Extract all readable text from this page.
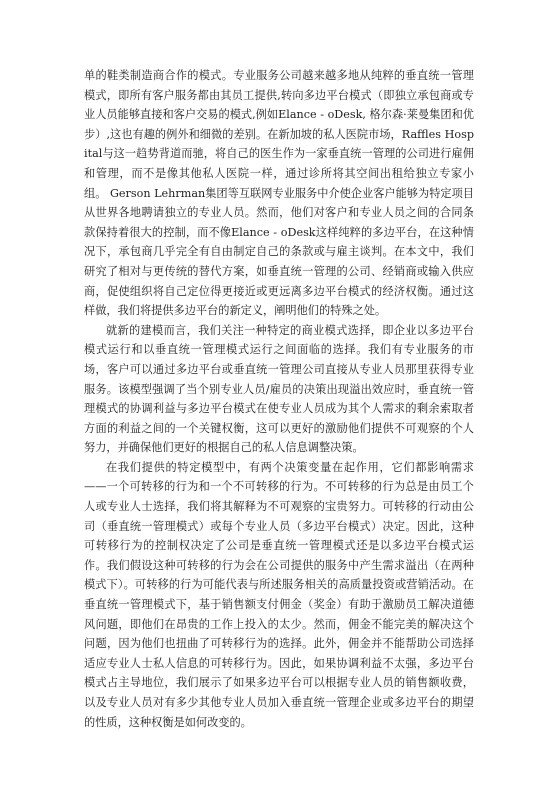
单的鞋类制造商合作的模式。专业服务公司越来越多地从纯粹的垂直统一管理模式，即所有客户服务都由其员工提供,转向多边平台模式（即独立承包商或专业人员能够直接和客户交易的模式,例如Elance - oDesk, 格尔森·莱曼集团和优步）,这也有趣的例外和细微的差别。在新加坡的私人医院市场，Raffles Hospital与这一趋势背道而驰，将自己的医生作为一家垂直统一管理的公司进行雇佣和管理，而不是像其他私人医院一样，通过诊所将其空间出租给独立专家小组。 Gerson Lehrman集团等互联网专业服务中介使企业客户能够为特定项目从世界各地聘请独立的专业人员。然而，他们对客户和专业人员之间的合同条款保持着很大的控制，而不像Elance - oDesk这样纯粹的多边平台，在这种情况下，承包商几乎完全有自由制定自己的条款或与雇主谈判。在本文中，我们研究了相对与更传统的替代方案，如垂直统一管理的公司、经销商或输入供应商，促使组织将自己定位得更接近或更远离多边平台模式的经济权衡。通过这样做，我们将提供多边平台的新定义，阐明他们的特殊之处。

就新的建模而言，我们关注一种特定的商业模式选择，即企业以多边平台模式运行和以垂直统一管理模式运行之间面临的选择。我们有专业服务的市场，客户可以通过多边平台或垂直统一管理公司直接从专业人员那里获得专业服务。该模型强调了当个别专业人员/雇员的决策出现溢出效应时，垂直统一管理模式的协调利益与多边平台模式在使专业人员成为其个人需求的剩余索取者方面的利益之间的一个关键权衡，这可以更好的激励他们提供不可观察的个人努力，并确保他们更好的根据自己的私人信息调整决策。

在我们提供的特定模型中，有两个决策变量在起作用，它们都影响需求——一个可转移的行为和一个不可转移的行为。不可转移的行为总是由员工个人或专业人士选择，我们将其解释为不可观察的宝贵努力。可转移的行动由公司（垂直统一管理模式）或每个专业人员（多边平台模式）决定。因此，这种可转移行为的控制权决定了公司是垂直统一管理模式还是以多边平台模式运作。我们假设这种可转移的行为会在公司提供的服务中产生需求溢出（在两种模式下）。可转移的行为可能代表与所述服务相关的高质量投资或营销活动。在垂直统一管理模式下，基于销售额支付佣金（奖金）有助于激励员工解决道德风问题，即他们在昂贵的工作上投入的太少。然而，佣金不能完美的解决这个问题，因为他们也扭曲了可转移行为的选择。此外，佣金并不能帮助公司选择适应专业人士私人信息的可转移行为。因此，如果协调利益不太强，多边平台模式占主导地位，我们展示了如果多边平台可以根据专业人员的销售额收费，以及专业人员对有多少其他专业人员加入垂直统一管理企业或多边平台的期望的性质，这种权衡是如何改变的。
